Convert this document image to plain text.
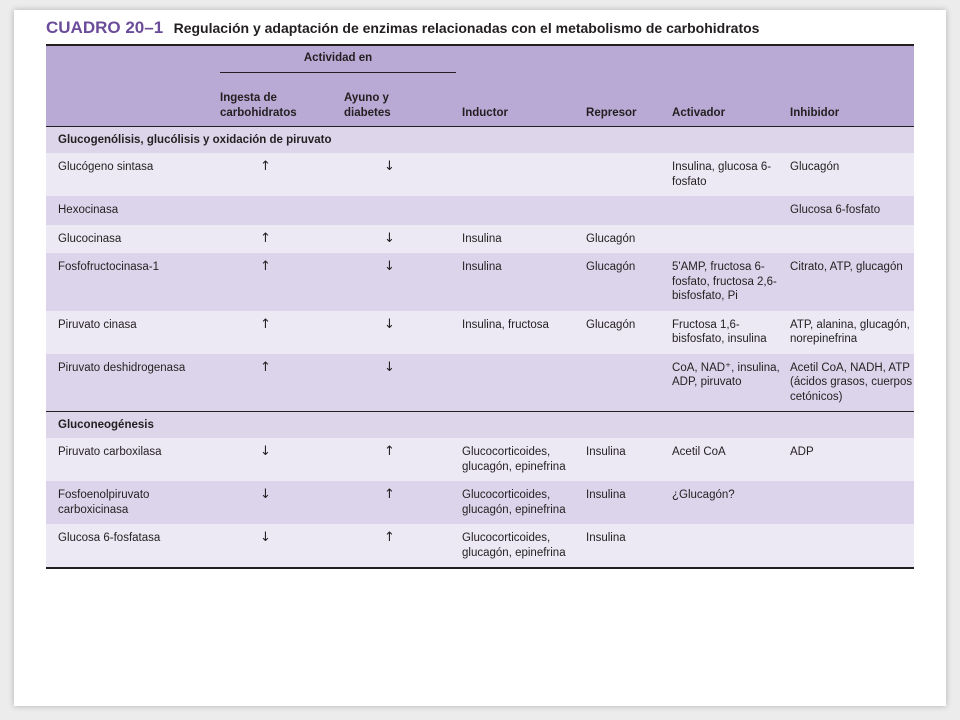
CUADRO 20–1 Regulación y adaptación de enzimas relacionadas con el metabolismo de carbohidratos

	Actividad en					

	Ingesta de carbohidratos	Ayuno y diabetes	Inductor	Represor	Activador	Inhibidor
Glucogenólisis, glucólisis y oxidación de piruvato						
Glucógeno sintasa	↑	↓			Insulina, glucosa 6-fosfato	Glucagón
Hexocinasa						Glucosa 6-fosfato
Glucocinasa	↑	↓	Insulina	Glucagón		
Fosfofructocinasa-1	↑	↓	Insulina	Glucagón	5'AMP, fructosa 6-fosfato, fructosa 2,6-bisfosfato, Pi	Citrato, ATP, glucagón
Piruvato cinasa	↑	↓	Insulina, fructosa	Glucagón	Fructosa 1,6-bisfosfato, insulina	ATP, alanina, glucagón, norepinefrina
Piruvato deshidrogenasa	↑	↓			CoA, NAD⁺, insulina, ADP, piruvato	Acetil CoA, NADH, ATP (ácidos grasos, cuerpos cetónicos)
Gluconeogénesis						
Piruvato carboxilasa	↓	↑	Glucocorticoides, glucagón, epinefrina	Insulina	Acetil CoA	ADP
Fosfoenolpiruvato carboxicinasa	↓	↑	Glucocorticoides, glucagón, epinefrina	Insulina	¿Glucagón?	
Glucosa 6-fosfatasa	↓	↑	Glucocorticoides, glucagón, epinefrina	Insulina		
